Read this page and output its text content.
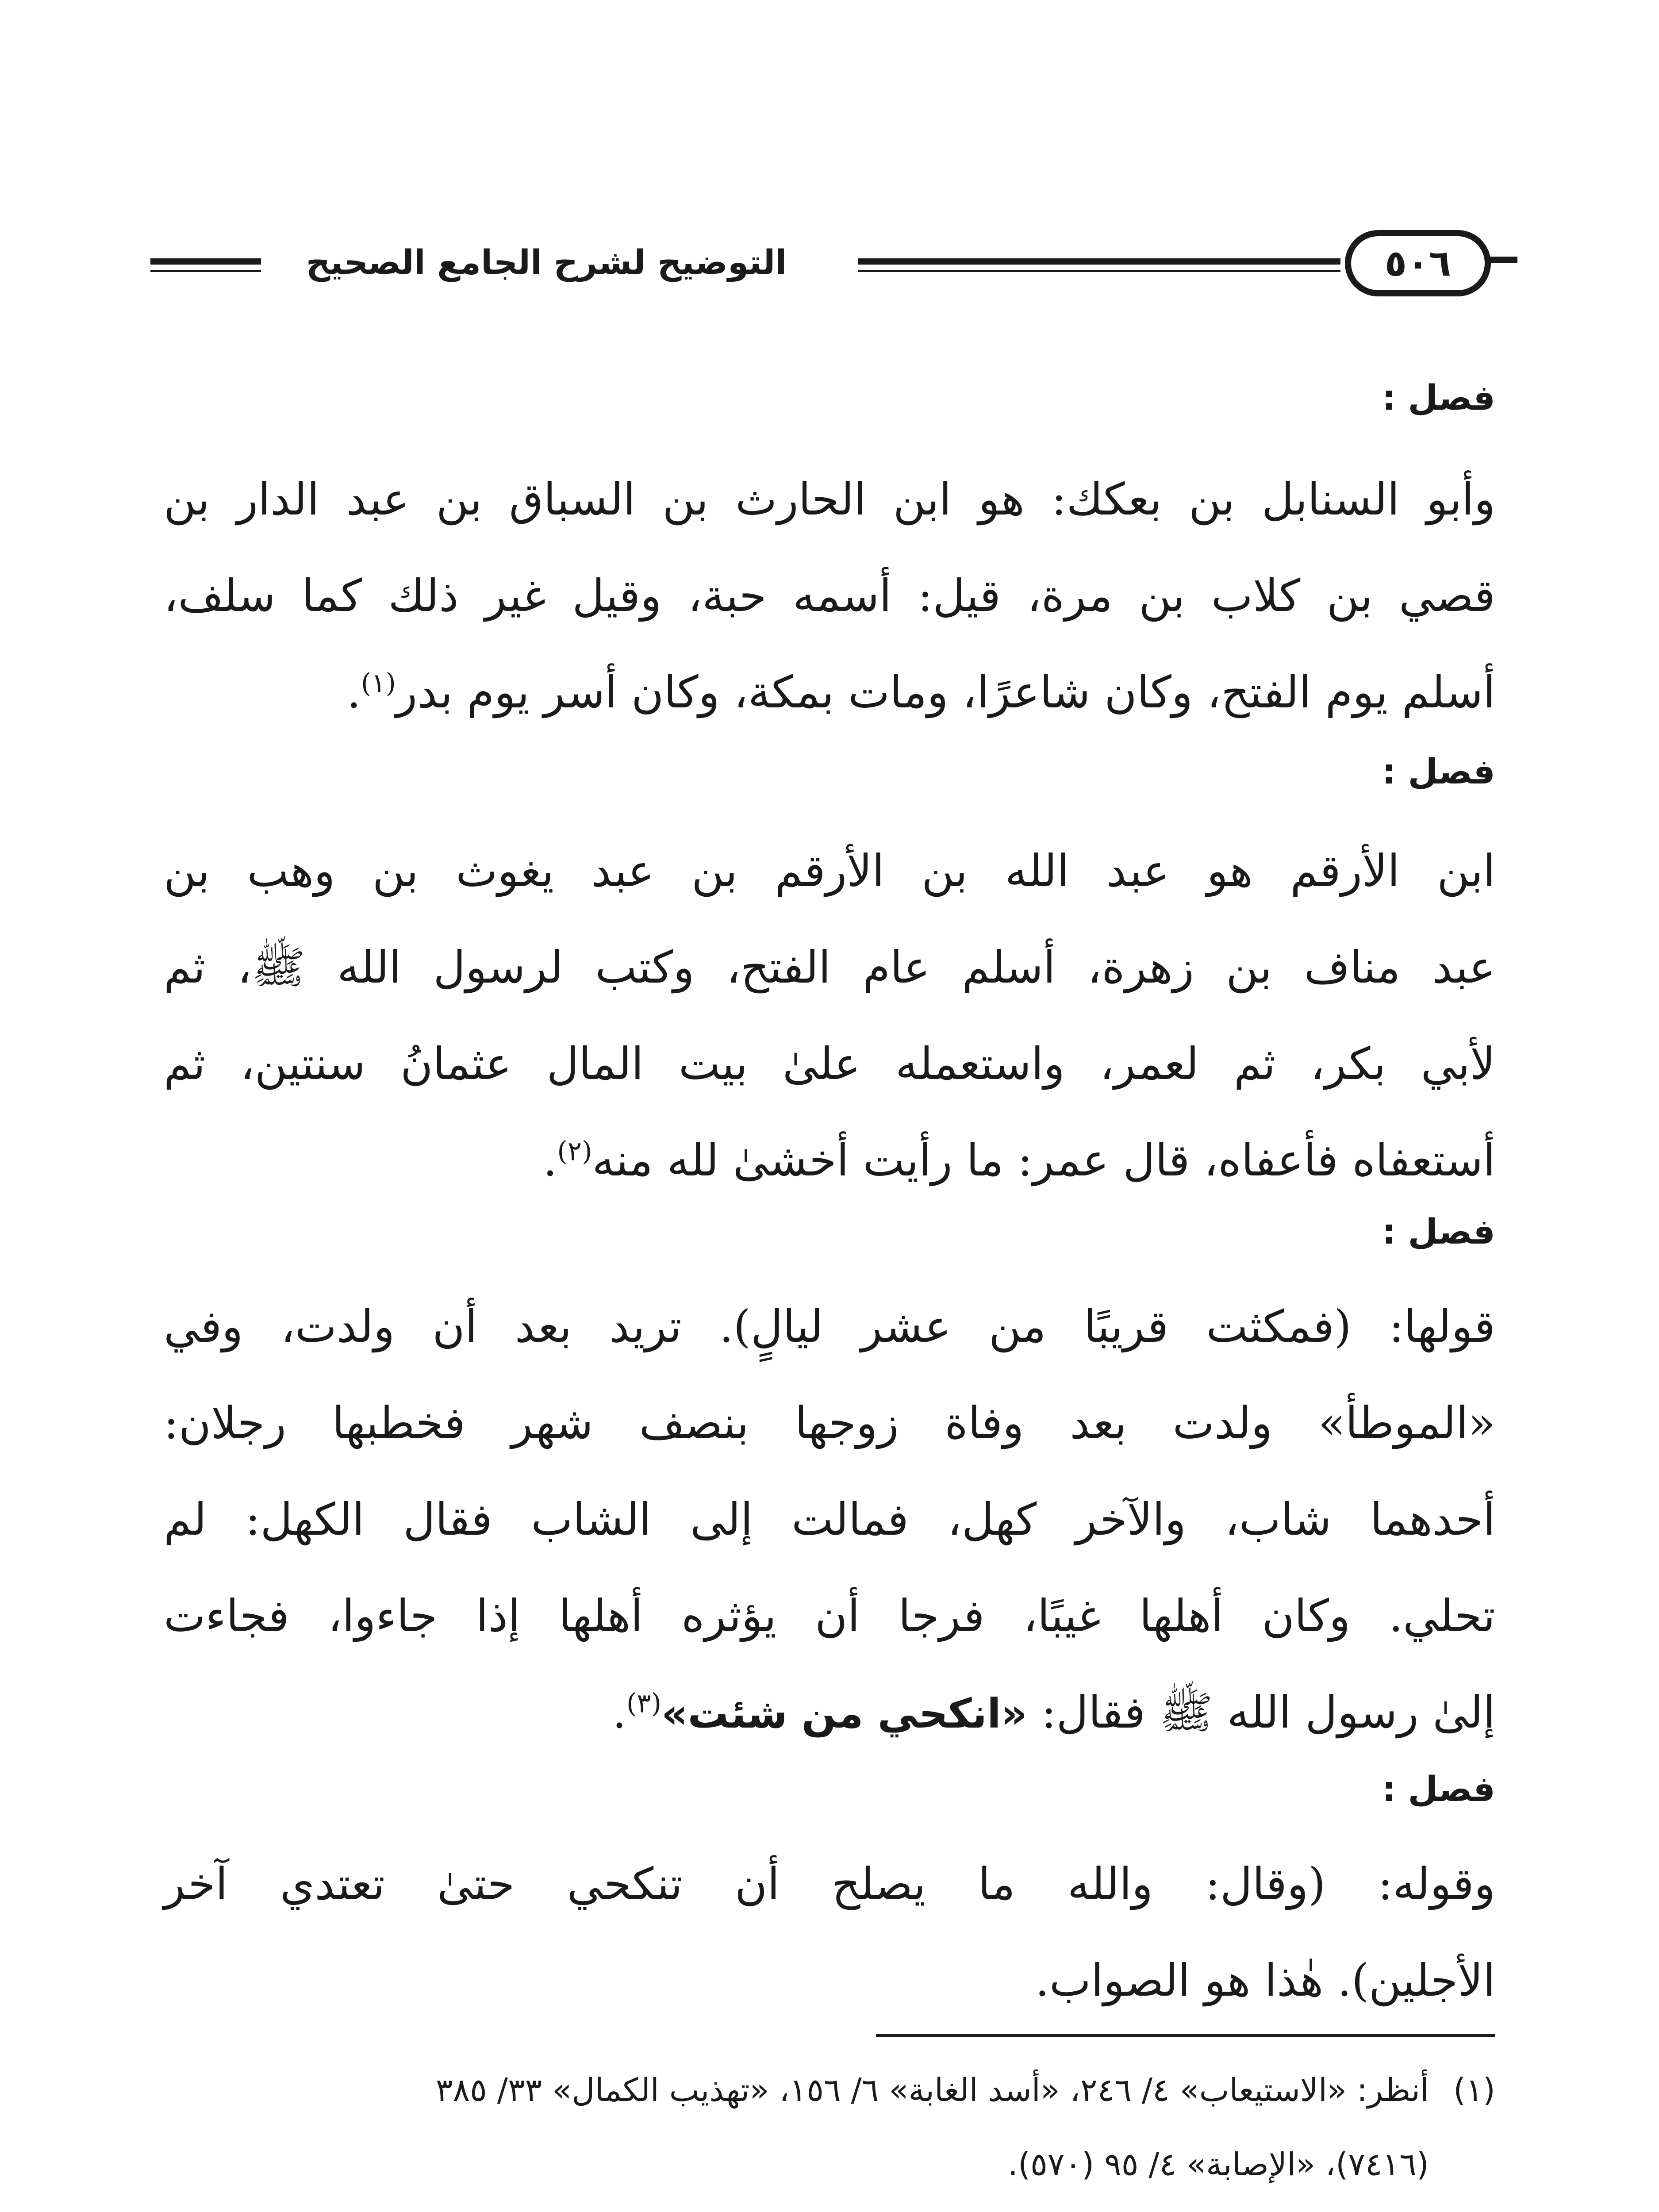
التوضيح لشرح الجامع الصحيح	٥٠٦
فصل :
وأبو السنابل بن بعكك: هو ابن الحارث بن السباق بن عبد الدار بن
قصي بن كلاب بن مرة، قيل: أسمه حبة، وقيل غير ذلك كما سلف،
أسلم يوم الفتح، وكان شاعرًا، ومات بمكة، وكان أسر يوم بدر$^{(١)}$.
فصل :
ابن الأرقم هو عبد الله بن الأرقم بن عبد يغوث بن وهب بن
عبد مناف بن زهرة، أسلم عام الفتح، وكتب لرسول الله ﷺ، ثم
لأبي بكر، ثم لعمر، واستعمله علىٰ بيت المال عثمانُ سنتين، ثم
أستعفاه فأعفاه، قال عمر: ما رأيت أخشىٰ لله منه$^{(٢)}$.
فصل :
قولها: (فمكثت قريبًا من عشر ليالٍ). تريد بعد أن ولدت، وفي
«الموطأ» ولدت بعد وفاة زوجها بنصف شهر فخطبها رجلان:
أحدهما شاب، والآخر كهل، فمالت إلى الشاب فقال الكهل: لم
تحلي. وكان أهلها غيبًا، فرجا أن يؤثره أهلها إذا جاءوا، فجاءت
إلىٰ رسول الله ﷺ فقال: «انكحي من شئت»$^{(٣)}$.
فصل :
وقوله: (وقال: والله ما يصلح أن تنكحي حتىٰ تعتدي آخر
الأجلين). هٰذا هو الصواب.
(١)
أنظر: «الاستيعاب» ٤/ ٢٤٦، «أسد الغابة» ٦/ ١٥٦، «تهذيب الكمال» ٣٣/ ٣٨٥
(٧٤١٦)، «الإصابة» ٤/ ٩٥ (٥٧٠).
